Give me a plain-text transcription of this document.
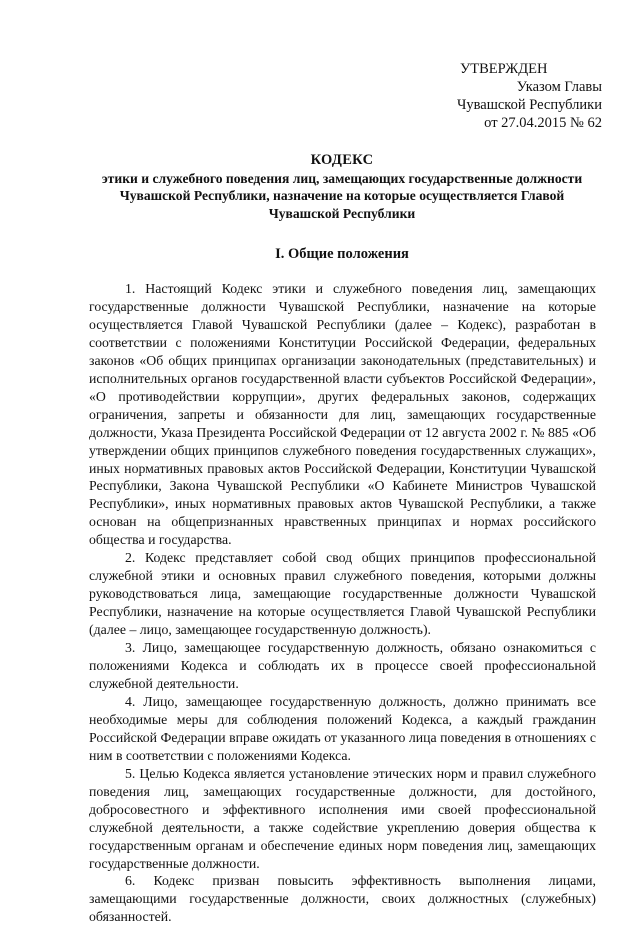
УТВЕРЖДЕН
Указом Главы
Чувашской Республики
от 27.04.2015 № 62
КОДЕКС
этики и служебного поведения лиц, замещающих государственные должности Чувашской Республики, назначение на которые осуществляется Главой Чувашской Республики
I. Общие положения

1. Настоящий Кодекс этики и служебного поведения лиц, замещающих государственные должности Чувашской Республики, назначение на которые осуществляется Главой Чувашской Республики (далее – Кодекс), разработан в соответствии с положениями Конституции Российской Федерации, федеральных законов «Об общих принципах организации законодательных (представительных) и исполнительных органов государственной власти субъектов Российской Федерации», «О противодействии коррупции», других федеральных законов, содержащих ограничения, запреты и обязанности для лиц, замещающих государственные должности, Указа Президента Российской Федерации от 12 августа 2002 г. № 885 «Об утверждении общих принципов служебного поведения государственных служащих», иных нормативных правовых актов Российской Федерации, Конституции Чувашской Республики, Закона Чувашской Республики «О Кабинете Министров Чувашской Республики», иных нормативных правовых актов Чувашской Республики, а также основан на общепризнанных нравственных принципах и нормах российского общества и государства.

2. Кодекс представляет собой свод общих принципов профессиональной служебной этики и основных правил служебного поведения, которыми должны руководствоваться лица, замещающие государственные должности Чувашской Республики, назначение на которые осуществляется Главой Чувашской Республики (далее – лицо, замещающее государственную должность).

3. Лицо, замещающее государственную должность, обязано ознакомиться с положениями Кодекса и соблюдать их в процессе своей профессиональной служебной деятельности.

4. Лицо, замещающее государственную должность, должно принимать все необходимые меры для соблюдения положений Кодекса, а каждый гражданин Российской Федерации вправе ожидать от указанного лица поведения в отношениях с ним в соответствии с положениями Кодекса.

5. Целью Кодекса является установление этических норм и правил служебного поведения лиц, замещающих государственные должности, для достойного, добросовестного и эффективного исполнения ими своей профессиональной служебной деятельности, а также содействие укреплению доверия общества к государственным органам и обеспечение единых норм поведения лиц, замещающих государственные должности.

6. Кодекс призван повысить эффективность выполнения лицами, замещающими государственные должности, своих должностных (служебных) обязанностей.
